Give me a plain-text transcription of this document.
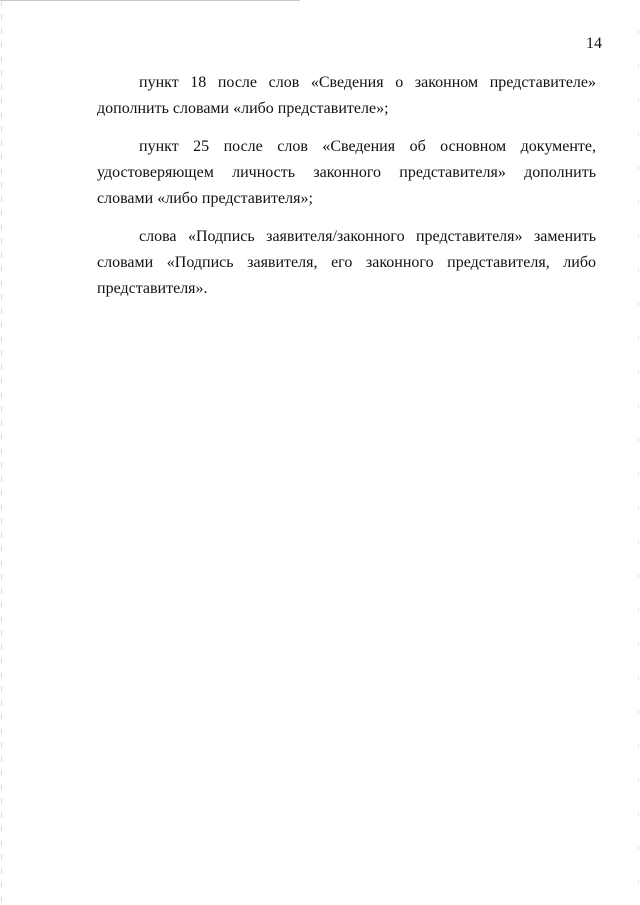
14

пункт 18 после слов «Сведения о законном представителе» дополнить словами «либо представителе»;

пункт 25 после слов «Сведения об основном документе, удостоверяющем личность законного представителя» дополнить словами «либо представителя»;

слова «Подпись заявителя/законного представителя» заменить словами «Подпись заявителя, его законного представителя, либо представителя».
